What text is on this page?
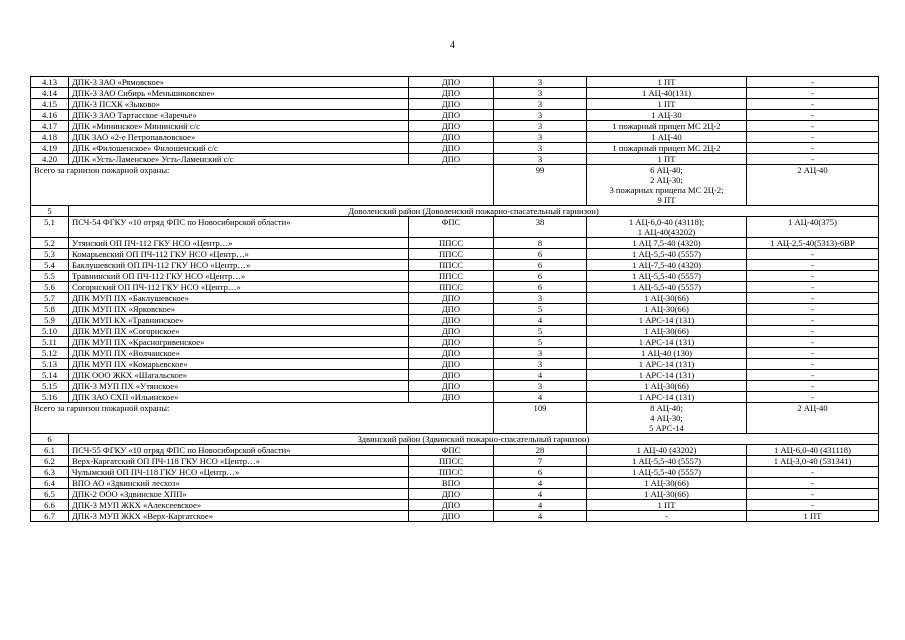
4
4.13	ДПК-3 ЗАО «Рямовское»	ДПО	3	1 ПТ	-
4.14	ДПК-3 ЗАО Сибирь «Меньшиковское»	ДПО	3	1 АЦ-40(131)	-
4.15	ДПК-3 ПСХК «Зыково»	ДПО	3	1 ПТ	-
4.16	ДПК-3 ЗАО Тартасское «Заречье»	ДПО	3	1 АЦ-30	-
4.17	ДПК «Мининское» Мининский с/с	ДПО	3	1 пожарный прицеп МС 2Ц-2	-
4.18	ДПК ЗАО «2-е Петропавловское»	ДПО	3	1 АЦ-40	-
4.19	ДПК «Филошенское» Филошенский с/с	ДПО	3	1 пожарный прицеп МС 2Ц-2	-
4.20	ДПК «Усть-Ламенское» Усть-Ламенский с/с	ДПО	3	1 ПТ	-
Всего за гарнизон пожарной охраны:			99	6 АЦ-40;
2 АЦ-30;
3 пожарных прицепа МС 2Ц-2;
9 ПТ	2 АЦ-40
5	Доволенский район (Доволенский пожарно-спасательный гарнизон)				
5.1	ПСЧ-54 ФГКУ «10 отряд ФПС по Новосибирской области»	ФПС	38	1 АЦ-6,0-40 (43118);
1 АЦ-40(43202)	1 АЦ-40(375)
5.2	Утянский ОП ПЧ-112 ГКУ НСО «Центр…»	ППСС	8	1 АЦ 7,5-40 (4320)	1 АЦ-2,5-40(5313)-6ВР
5.3	Комарьевский ОП ПЧ-112 ГКУ НСО «Центр…»	ППСС	6	1 АЦ-5,5-40 (5557)	-
5.4	Баклушевский ОП ПЧ-112 ГКУ НСО «Центр…»	ППСС	6	1 АЦ-7,5-40 (4320)	-
5.5	Травнинский ОП ПЧ-112 ГКУ НСО «Центр…»	ППСС	6	1 АЦ-5,5-40 (5557)	-
5.6	Согорнский ОП ПЧ-112 ГКУ НСО «Центр…»	ППСС	6	1 АЦ-5,5-40 (5557)	-
5.7	ДПК МУП ПХ «Баклушевское»	ДПО	3	1 АЦ-30(66)	-
5.8	ДПК МУП ПХ «Ярковское»	ДПО	5	1 АЦ-30(66)	-
5.9	ДПК МУП КХ «Травнинское»	ДПО	4	1 АРС-14 (131)	-
5.10	ДПК МУП ПХ «Согорнское»	ДПО	5	1 АЦ-30(66)	-
5.11	ДПК МУП ПХ «Красногривенское»	ДПО	5	1 АРС-14 (131)	-
5.12	ДПК МУП ПХ «Волчанское»	ДПО	3	1 АЦ-40 (130)	-
5.13	ДПК МУП ПХ «Комарьевское»	ДПО	3	1 АРС-14 (131)	-
5.14	ДПК ООО ЖКХ «Шагальское»	ДПО	4	1 АРС-14 (131)	-
5.15	ДПК-3 МУП ПХ «Утянское»	ДПО	3	1 АЦ-30(66)	-
5.16	ДПК ЗАО СХП «Ильинское»	ДПО	4	1 АРС-14 (131)	-
Всего за гарнизон пожарной охраны:			109	8 АЦ-40;
4 АЦ-30;
5 АРС-14	2 АЦ-40
6	Здвинский район (Здвинский пожарно-спасательный гарнизон)				
6.1	ПСЧ-55 ФГКУ «10 отряд ФПС по Новосибирской области»	ФПС	28	1 АЦ-40 (43202)	1 АЦ-6,0-40 (431118)
6.2	Верх-Каргатский ОП ПЧ-118 ГКУ НСО «Центр…»	ППСС	7	1 АЦ-5,5-40 (5557)	1 АЦ-3,0-40 (531341)
6.3	Чулымский ОП ПЧ-118 ГКУ НСО «Центр…»	ППСС	6	1 АЦ-5,5-40 (5557)	-
6.4	ВПО АО «Здвинский лесхоз»	ВПО	4	1 АЦ-30(66)	-
6.5	ДПК-2 ООО «Здвинское ХПП»	ДПО	4	1 АЦ-30(66)	-
6.6	ДПК-3 МУП ЖКХ «Алексеевское»	ДПО	4	1 ПТ	-
6.7	ДПК-3 МУП ЖКХ «Верх-Каргатское»	ДПО	4	-	1 ПТ
